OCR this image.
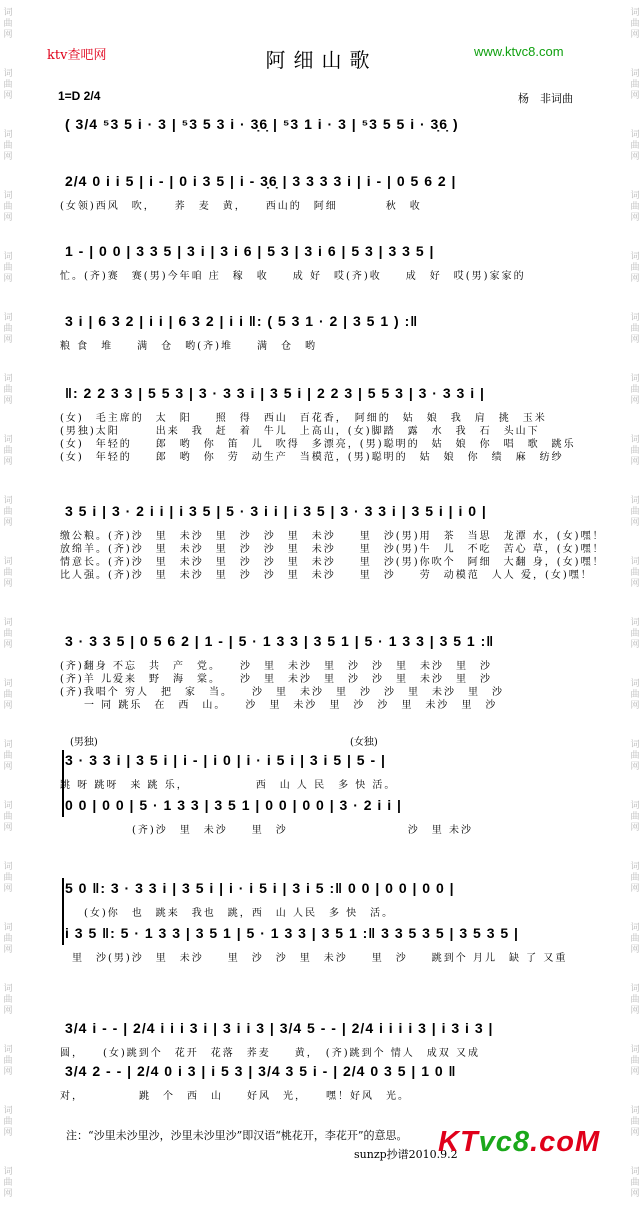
词
曲
网
词
曲
网
词
曲
网
词
曲
网
词
曲
网
词
曲
网
词
曲
网
词
曲
网
词
曲
网
词
曲
网
词
曲
网
词
曲
网
词
曲
网
词
曲
网
词
曲
网
词
曲
网
词
曲
网
词
曲
网
词
曲
网
词
曲
网
词
曲
网
词
曲
网
词
曲
网
词
曲
网
词
曲
网
词
曲
网
词
曲
网
词
曲
网
词
曲
网
词
曲
网
词
曲
网
词
曲
网
词
曲
网
词
曲
网
词
曲
网
词
曲
网
词
曲
网
词
曲
网
词
曲
网
词
曲
网
ktv查吧网	阿细山歌	www.ktvc8.com
1=D 2/4	杨　非词曲
( 3/4 ⁵3 5 i · 3 | ⁵3 5 3 i · 3̣6̣ | ⁵3 1 i · 3 | ⁵3 5 5 i · 3̣6̣ )
2/4 0 i i 5 | i - | 0 i 3 5 | i - 3̣6̣ | 3 3 3 3 i | i - | 0 5 6 2 |
(女领)西风　吹，　　荞　麦　黄，　　西山的　阿细　　　　秋　收
1 - | 0 0 | 3 3 5 | 3 i | 3 i 6 | 5 3 | 3 i 6 | 5 3 | 3 3 5 |
忙。(齐)赛　赛(男)今年咱 庄　稼　收　　成 好　哎(齐)收　　成　好　哎(男)家家的
3 i | 6 3 2 | i i | 6 3 2 | i i ‖: ( 5 3 1 · 2 | 3 5 1 ) :‖
粮 食　堆　　满　仓　哟(齐)堆　　满　仓　哟
‖: 2 2 3 3 | 5 5 3 | 3 · 3 3 i | 3 5 i | 2 2 3 | 5 5 3 | 3 · 3 3 i |
(女)　毛主席的　太　阳　　照　得　西山　百花香，　阿细的　姑　娘　我　肩　挑　玉米
(男独)太阳　　　出来　我　赶　着　牛儿　上高山，(女)脚踏　露　水　我　石　头山下
(女)　年轻的　　郎　哟　你　笛　儿　吹得　多漂亮，(男)聪明的　姑　娘　你　唱　歌　跳乐
(女)　年轻的　　郎　哟　你　劳　动生产　当模范，(男)聪明的　姑　娘　你　绩　麻　纺纱
3 5 i | 3 · 2 i i | i 3 5 | 5 · 3 i i | i 3 5 | 3 · 3 3 i | 3 5 i | i 0 |
缴公粮。(齐)沙　里　未沙　里　沙　沙　里　未沙　　里　沙(男)用　茶　当思　龙潭 水，(女)嘿！
放绵羊。(齐)沙　里　未沙　里　沙　沙　里　未沙　　里　沙(男)牛　儿　不吃　苦心 草，(女)嘿！
情意长。(齐)沙　里　未沙　里　沙　沙　里　未沙　　里　沙(男)你吹个　阿细　大翻 身，(女)嘿！
比人强。(齐)沙　里　未沙　里　沙　沙　里　未沙　　里　沙　　劳　动模范　人人 爱，(女)嘿！
3 · 3 3 5 | 0 5 6 2 | 1 - | 5 · 1 3 3 | 3 5 1 | 5 · 1 3 3 | 3 5 1 :‖
(齐)翻身 不忘　共　产　党。　　沙　里　未沙　里　沙　沙　里　未沙　里　沙
(齐)羊 儿爱来　野　海　棠。　　沙　里　未沙　里　沙　沙　里　未沙　里　沙
(齐)我唱个 穷人　把　家　当。　　沙　里　未沙　里　沙　沙　里　未沙　里　沙
　　一 同 跳乐　在　西　山。　　沙　里　未沙　里　沙　沙　里　未沙　里　沙
(男独)	(女独)
3 · 3 3 i | 3 5 i | i - | i 0 | i · i 5 i | 3 i 5 | 5 - |
跳 呀 跳呀　来 跳 乐，　　　　　　西　山 人 民　多 快 活。
0 0 | 0 0 | 5 · 1 3 3 | 3 5 1 | 0 0 | 0 0 | 3 · 2 i i |
　　　　　　(齐)沙　里　未沙　　里　沙　　　　　　　　　　沙　里 未沙
5 0 ‖: 3 · 3 3 i | 3 5 i | i · i 5 i | 3 i 5 :‖ 0 0 | 0 0 | 0 0 |
　　(女)你　也　跳来　我也　跳，西　山 人民　多 快　活。
i 3 5 ‖: 5 · 1 3 3 | 3 5 1 | 5 · 1 3 3 | 3 5 1 :‖ 3 3 5 3 5 | 3 5 3 5 |
　里　沙(男)沙　里　未沙　　里　沙　沙　里　未沙　　里　沙　　跳到个 月儿　缺 了 又重
3/4 i - - | 2/4 i i i 3 i | 3 i i 3 | 3/4 5 - - | 2/4 i i i i 3 | i 3 i 3 |
圆，　　(女)跳到个　花开　花落　荞麦　　黄，　(齐)跳到个 情人　成双 又成
3/4 2 - - | 2/4 0 i 3 | i 5 3 | 3/4 3 5 i - | 2/4 0 3 5 | 1 0 ‖
对，　　　　　跳　个　西　山　　好风　光，　　嘿！好风　光。
注：“沙里未沙里沙，沙里未沙里沙”即汉语“桃花开，李花开”的意思。
sunzp抄谱2010.9.2
KTvc8.coM
